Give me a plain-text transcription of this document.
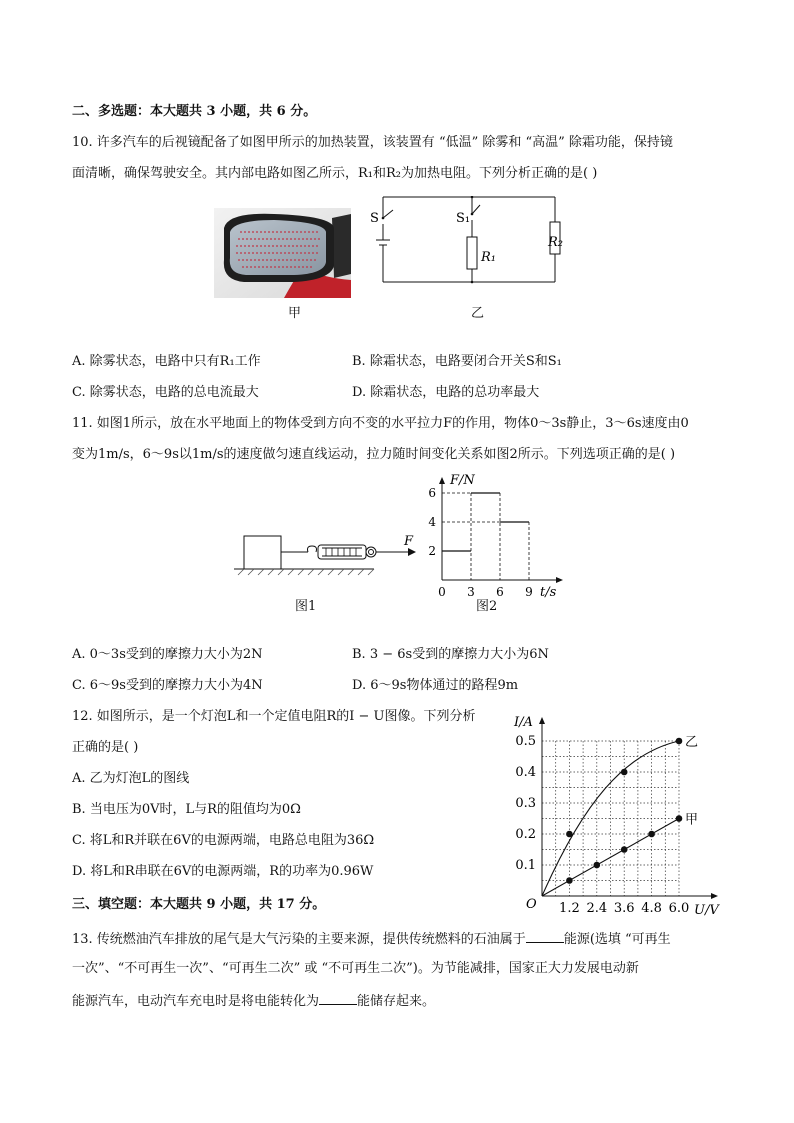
二、多选题：本大题共 3 小题，共 6 分。
10. 许多汽车的后视镜配备了如图甲所示的加热装置，该装置有 “低温” 除雾和 “高温” 除霜功能，保持镜
面清晰，确保驾驶安全。其内部电路如图乙所示，R₁和R₂为加热电阻。下列分析正确的是( )
甲
S	S₁
R₁
R₂
乙
A. 除雾状态，电路中只有R₁工作	B. 除霜状态，电路要闭合开关S和S₁
C. 除雾状态，电路的总电流最大	D. 除霜状态，电路的总功率最大
11. 如图1所示，放在水平地面上的物体受到方向不变的水平拉力F的作用，物体0～3s静止，3～6s速度由0
变为1m/s，6～9s以1m/s的速度做匀速直线运动，拉力随时间变化关系如图2所示。下列选项正确的是( )
F
图1
F/N
t/s
0 3 6 9
2
4
6
图2
A. 0～3s受到的摩擦力大小为2N	B. 3 − 6s受到的摩擦力大小为6N
C. 6～9s受到的摩擦力大小为4N	D. 6～9s物体通过的路程9m
12. 如图所示，是一个灯泡L和一个定值电阻R的I − U图像。下列分析
正确的是( )
A. 乙为灯泡L的图线
B. 当电压为0V时，L与R的阻值均为0Ω
C. 将L和R并联在6V的电源两端，电路总电阻为36Ω
D. 将L和R串联在6V的电源两端，R的功率为0.96W
乙
甲
1.2 2.4 3.6 4.8 6.0
0.1
0.2
0.3
0.4
0.5
I/A
U/V
O
三、填空题：本大题共 9 小题，共 17 分。
13. 传统燃油汽车排放的尾气是大气污染的主要来源，提供传统燃料的石油属于	能源(选填 “可再生
一次”、“不可再生一次”、“可再生二次” 或 “不可再生二次”)。为节能减排，国家正大力发展电动新
能源汽车，电动汽车充电时是将电能转化为	能储存起来。
